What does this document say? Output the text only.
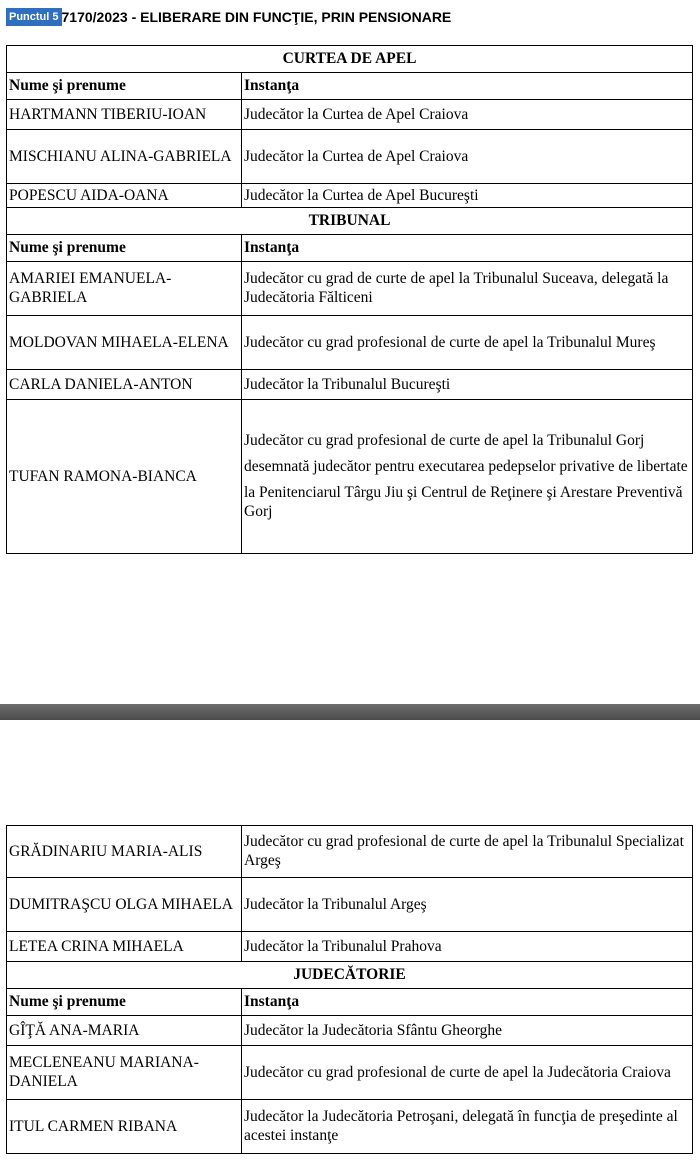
Punctul 5 7170/2023 - ELIBERARE DIN FUNCŢIE, PRIN PENSIONARE
CURTEA DE APEL	
Nume şi prenume	Instanţa
HARTMANN TIBERIU-IOAN	Judecător la Curtea de Apel Craiova

MISCHIANU ALINA-GABRIELA	Judecător la Curtea de Apel Craiova

POPESCU AIDA-OANA	Judecător la Curtea de Apel Bucureşti

TRIBUNAL	
Nume şi prenume	Instanţa
AMARIEI EMANUELA-GABRIELA	Judecător cu grad de curte de apel la Tribunalul Suceava, delegată la Judecătoria Fălticeni

MOLDOVAN MIHAELA-ELENA	Judecător cu grad profesional de curte de apel la Tribunalul Mureş

CARLA DANIELA-ANTON	Judecător la Tribunalul Bucureşti

TUFAN RAMONA-BIANCA	Judecător cu grad profesional de curte de apel la Tribunalul Gorj

desemnată judecător pentru executarea pedepselor privative de libertate

la Penitenciarul Târgu Jiu şi Centrul de Reţinere şi Arestare Preventivă Gorj

GRĂDINARIU MARIA-ALIS	Judecător cu grad profesional de curte de apel la Tribunalul Specializat Argeş

DUMITRAŞCU OLGA MIHAELA	Judecător la Tribunalul Argeş

LETEA CRINA MIHAELA	Judecător la Tribunalul Prahova

JUDECĂTORIE	
Nume şi prenume	Instanţa
GÎŢĂ ANA-MARIA	Judecător la Judecătoria Sfântu Gheorghe

MECLENEANU MARIANA-DANIELA	Judecător cu grad profesional de curte de apel la Judecătoria Craiova

ITUL CARMEN RIBANA	Judecător la Judecătoria Petroşani, delegată în funcţia de preşedinte al acestei instanţe
